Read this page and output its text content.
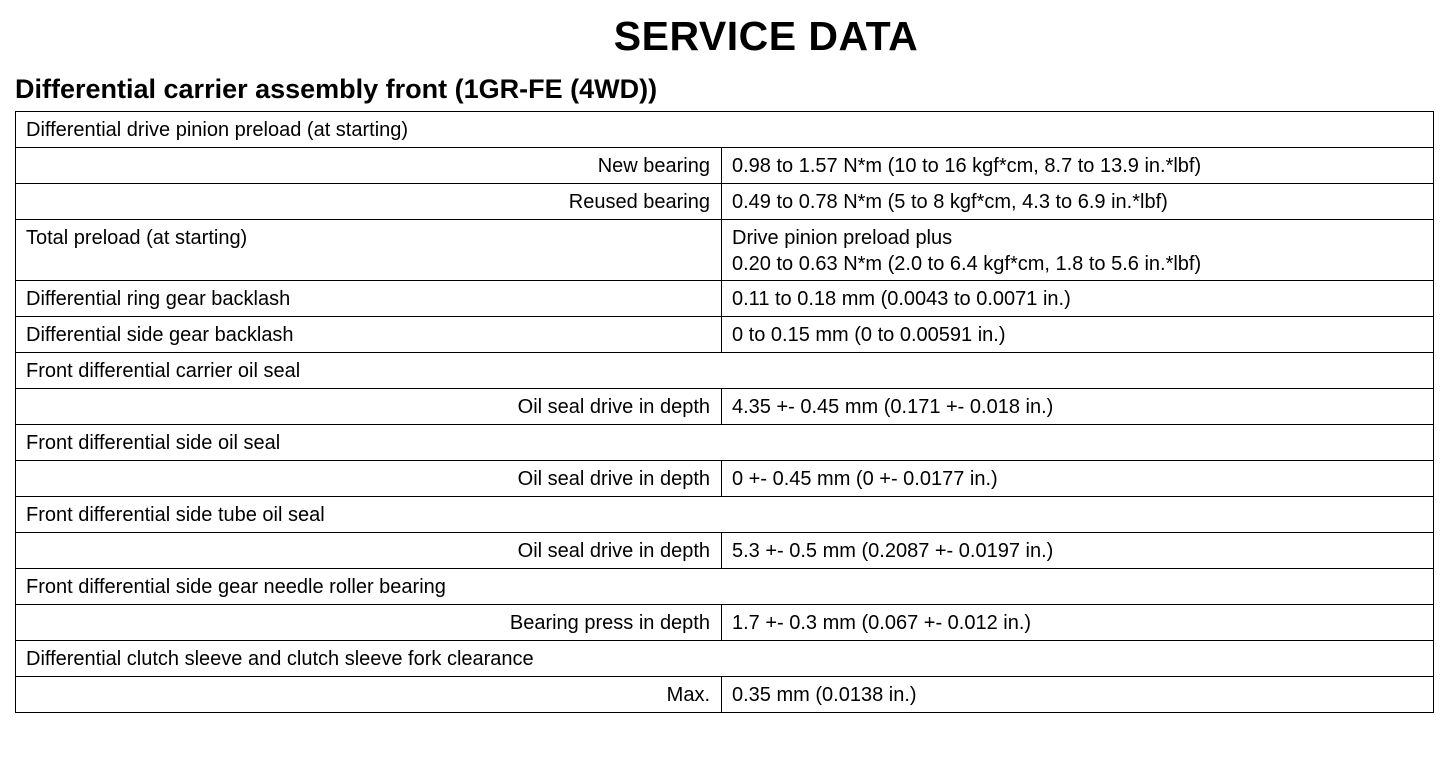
SERVICE DATA
Differential carrier assembly front (1GR-FE (4WD))
Differential drive pinion preload (at starting)	
New bearing	0.98 to 1.57 N*m (10 to 16 kgf*cm, 8.7 to 13.9 in.*lbf)
Reused bearing	0.49 to 0.78 N*m (5 to 8 kgf*cm, 4.3 to 6.9 in.*lbf)
Total preload (at starting)	Drive pinion preload plus
0.20 to 0.63 N*m (2.0 to 6.4 kgf*cm, 1.8 to 5.6 in.*lbf)

Differential ring gear backlash	0.11 to 0.18 mm (0.0043 to 0.0071 in.)
Differential side gear backlash	0 to 0.15 mm (0 to 0.00591 in.)
Front differential carrier oil seal	
Oil seal drive in depth	4.35 +- 0.45 mm (0.171 +- 0.018 in.)
Front differential side oil seal	
Oil seal drive in depth	0 +- 0.45 mm (0 +- 0.0177 in.)
Front differential side tube oil seal	
Oil seal drive in depth	5.3 +- 0.5 mm (0.2087 +- 0.0197 in.)
Front differential side gear needle roller bearing	
Bearing press in depth	1.7 +- 0.3 mm (0.067 +- 0.012 in.)
Differential clutch sleeve and clutch sleeve fork clearance	
Max.	0.35 mm (0.0138 in.)
